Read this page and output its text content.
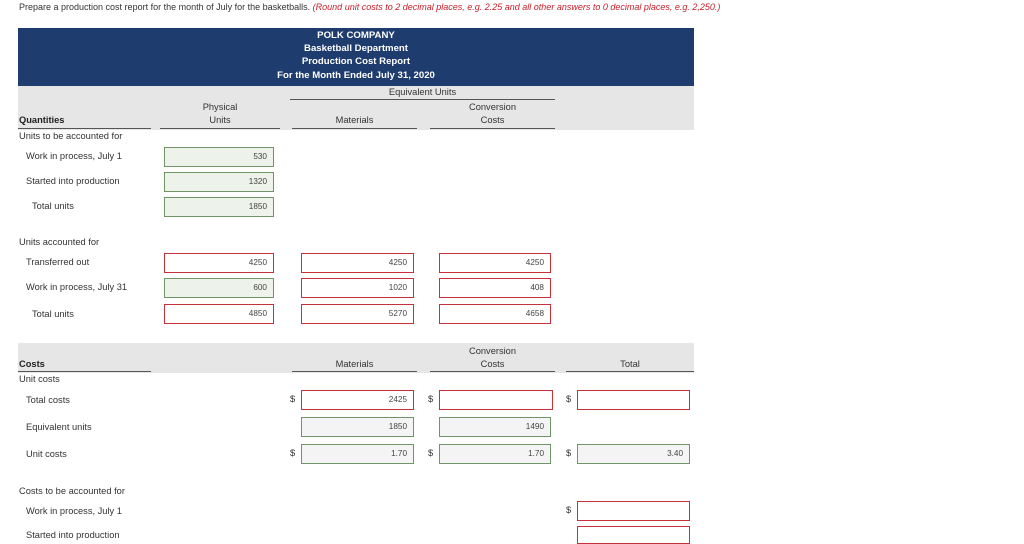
Prepare a production cost report for the month of July for the basketballs. (Round unit costs to 2 decimal places, e.g. 2.25 and all other answers to 0 decimal places, e.g. 2,250.)
POLK COMPANY
Basketball Department
Production Cost Report
For the Month Ended July 31, 2020
Equivalent Units
Physical
Units	Materials
Conversion
Costs
Quantities
Units to be accounted for
Work in process, July 1	530
Started into production	1320
Total units	1850
Units accounted for
Transferred out	4250	4250	4250
Work in process, July 31	600	1020	408
Total units	4850	5270	4658
Materials
Conversion
Costs	Total
Costs
Unit costs
Total costs	$	2425	$	$
Equivalent units	1850	1490
Unit costs	$	1.70	$	1.70	$	3.40
Costs to be accounted for
Work in process, July 1	$
Started into production
